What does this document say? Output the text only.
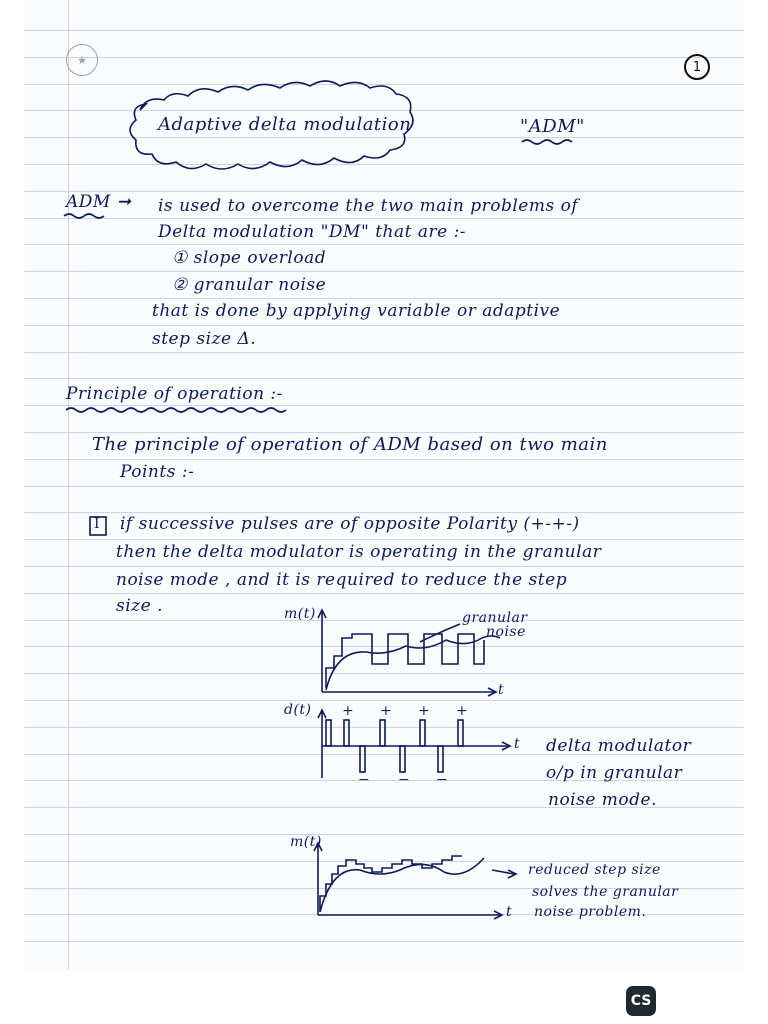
★	1
Adaptive delta modulation	"ADM"
ADM ➞ is used to overcome the two main problems of
Delta modulation "DM" that are :-
① slope overload
② granular noise
that is done by applying variable or adaptive
step size Δ.
Principle of operation :-
The principle of operation of ADM based on two main
Points :-
I if successive pulses are of opposite Polarity (+-+-)
then the delta modulator is operating in the granular
noise mode , and it is required to reduce the step
size .	m(t)
t
granular
noise
d(t)
t
+ + + +
− − −
delta modulator
o/p in granular
noise mode.
m(t)
t
reduced step size
solves the granular
noise problem.
CS
